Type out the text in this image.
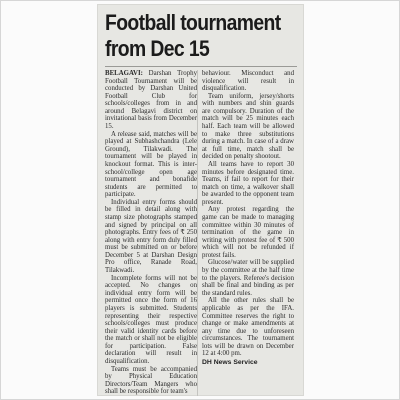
Football tournament
from Dec 15

BELAGAVI: Darshan Trophy Football Tournament will be conducted by Darshan United Football Club for schools/colleges from in and around Belagavi district on invitational basis from December 15.

A release said, matches will be played at Subhashchandra (Lele Ground), Tilakwadi. The tournament will be played in knockout format. This is inter-school/college open age tournament and bonafide students are permitted to participate.

Individual entry forms should be filled in detail along with stamp size photographs stamped and signed by principal on all photographs. Entry fees of ₹ 250 along with entry form duly filled must be submitted on or before December 5 at Darshan Design Pro office, Ranade Road, Tilakwadi.

Incomplete forms will not be accepted. No changes on individual entry form will be permitted once the form of 16 players is submitted. Students representing their respective schools/colleges must produce their valid identity cards before the match or shall not be eligible for participation. False declaration will result in disqualification.

Teams must be accompanied by Physical Education Directors/Team Mangers who shall be responsible for team's

behaviour. Misconduct and violence will result in disqualification.

Team uniform, jersey/shorts with numbers and shin guards are compulsory. Duration of the match will be 25 minutes each half. Each team will be allowed to make three substitutions during a match. In case of a draw at full time, match shall be decided on penalty shootout.

All teams have to report 30 minutes before designated time. Teams, if fail to report for their match on time, a walkover shall be awarded to the opponent team present.

Any protest regarding the game can be made to managing committee within 30 minutes of termination of the game in writing with protest fee of ₹ 500 which will not be refunded if protest fails.

Glucose/water will be supplied by the committee at the half time to the players. Referee's decision shall be final and binding as per the standard rules.

All the other rules shall be applicable as per the IFA. Committee reserves the right to change or make amendments at any time due to unforeseen circumstances. The tournament lots will be drawn on December 12 at 4:00 pm.

DH News Service
